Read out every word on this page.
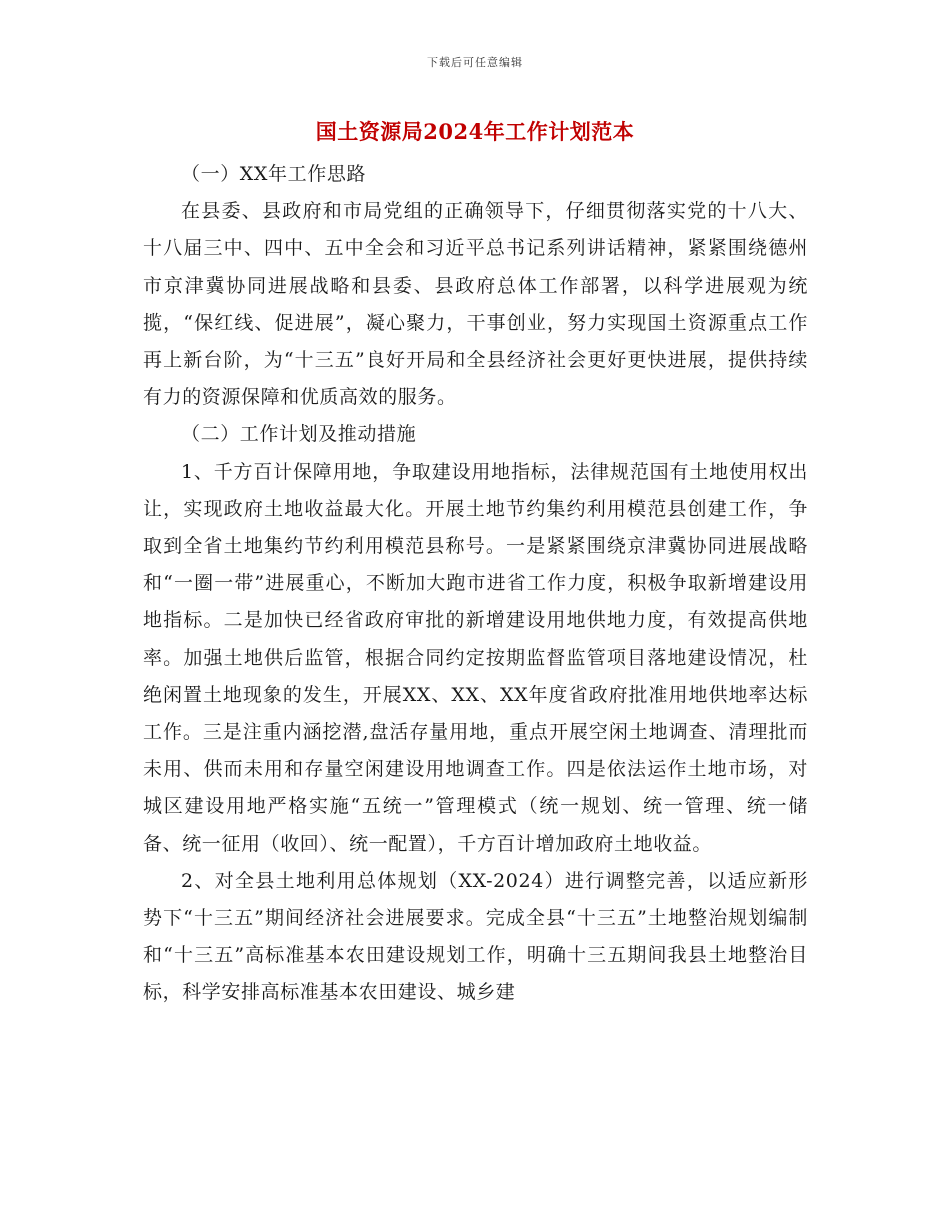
下载后可任意编辑
国土资源局2024年工作计划范本

（一）XX年工作思路

在县委、县政府和市局党组的正确领导下，仔细贯彻落实党的十八大、十八届三中、四中、五中全会和习近平总书记系列讲话精神，紧紧围绕德州市京津冀协同进展战略和县委、县政府总体工作部署，以科学进展观为统揽，“保红线、促进展”，凝心聚力，干事创业，努力实现国土资源重点工作再上新台阶，为“十三五”良好开局和全县经济社会更好更快进展，提供持续有力的资源保障和优质高效的服务。

（二）工作计划及推动措施

1、千方百计保障用地，争取建设用地指标，法律规范国有土地使用权出让，实现政府土地收益最大化。开展土地节约集约利用模范县创建工作，争取到全省土地集约节约利用模范县称号。一是紧紧围绕京津冀协同进展战略和“一圈一带”进展重心，不断加大跑市进省工作力度，积极争取新增建设用地指标。二是加快已经省政府审批的新增建设用地供地力度，有效提高供地率。加强土地供后监管，根据合同约定按期监督监管项目落地建设情况，杜绝闲置土地现象的发生，开展XX、XX、XX年度省政府批准用地供地率达标工作。三是注重内涵挖潜,盘活存量用地，重点开展空闲土地调查、清理批而未用、供而未用和存量空闲建设用地调查工作。四是依法运作土地市场，对城区建设用地严格实施“五统一”管理模式（统一规划、统一管理、统一储备、统一征用（收回）、统一配置），千方百计增加政府土地收益。

2、对全县土地利用总体规划（XX-2024）进行调整完善，以适应新形势下“十三五”期间经济社会进展要求。完成全县“十三五”土地整治规划编制和“十三五”高标准基本农田建设规划工作，明确十三五期间我县土地整治目标，科学安排高标准基本农田建设、城乡建
